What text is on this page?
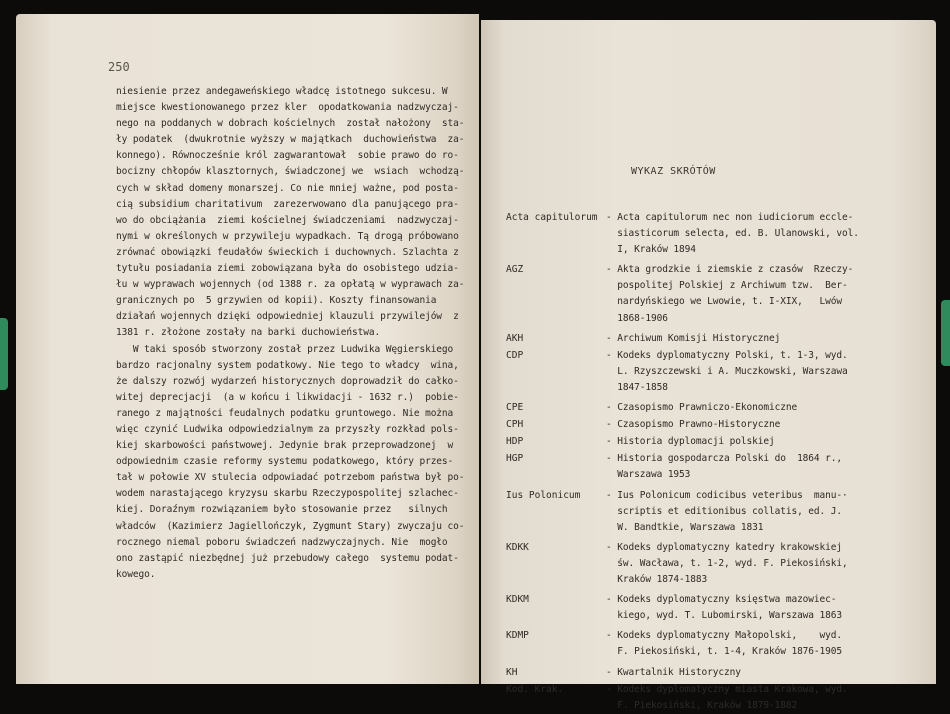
250
niesienie przez andegaweńskiego władcę istotnego sukcesu. W
miejsce kwestionowanego przez kler  opodatkowania nadzwyczaj-
nego na poddanych w dobrach kościelnych  został nałożony  sta-
ły podatek  (dwukrotnie wyższy w majątkach  duchowieństwa  za-
konnego). Równocześnie król zagwarantował  sobie prawo do ro-
bocizny chłopów klasztornych, świadczonej we  wsiach  wchodzą-
cych w skład domeny monarszej. Co nie mniej ważne, pod posta-
cią subsidium charitativum  zarezerwowano dla panującego pra-
wo do obciążania  ziemi kościelnej świadczeniami  nadzwyczaj-
nymi w określonych w przywileju wypadkach. Tą drogą próbowano
zrównać obowiązki feudałów świeckich i duchownych. Szlachta z
tytułu posiadania ziemi zobowiązana była do osobistego udzia-
łu w wyprawach wojennych (od 1388 r. za opłatą w wyprawach za-
granicznych po  5 grzywien od kopii). Koszty finansowania
działań wojennych dzięki odpowiedniej klauzuli przywilejów  z
1381 r. złożone zostały na barki duchowieństwa.
W taki sposób stworzony został przez Ludwika Węgierskiego
bardzo racjonalny system podatkowy. Nie tego to władcy  wina,
że dalszy rozwój wydarzeń historycznych doprowadził do całko-
witej deprecjacji  (a w końcu i likwidacji - 1632 r.)  pobie-
ranego z majątności feudalnych podatku gruntowego. Nie można
więc czynić Ludwika odpowiedzialnym za przyszły rozkład pols-
kiej skarbowości państwowej. Jedynie brak przeprowadzonej  w
odpowiednim czasie reformy systemu podatkowego, który przes-
tał w połowie XV stulecia odpowiadać potrzebom państwa był po-
wodem narastającego kryzysu skarbu Rzeczypospolitej szlachec-
kiej. Doraźnym rozwiązaniem było stosowanie przez   silnych
władców  (Kazimierz Jagiellończyk, Zygmunt Stary) zwyczaju co-
rocznego niemal poboru świadczeń nadzwyczajnych. Nie  mogło
ono zastąpić niezbędnej już przebudowy całego  systemu podat-
kowego.
WYKAZ SKRÓTÓW
Acta capitulorum - Acta capitulorum nec non iudiciorum eccle-
siasticorum selecta, ed. B. Ulanowski, vol.
I, Kraków 1894
AGZ	- Akta grodzkie i ziemskie z czasów  Rzeczy-
pospolitej Polskiej z Archiwum tzw.  Ber-
nardyńskiego we Lwowie, t. I-XIX,   Lwów
1868-1906
AKH	- Archiwum Komisji Historycznej
CDP	- Kodeks dyplomatyczny Polski, t. 1-3, wyd.
L. Rzyszczewski i A. Muczkowski, Warszawa
1847-1858
CPE	- Czasopismo Prawniczo-Ekonomiczne
CPH	- Czasopismo Prawno-Historyczne
HDP	- Historia dyplomacji polskiej
HGP	- Historia gospodarcza Polski do  1864 r.,
Warszawa 1953
Ius Polonicum	- Ius Polonicum codicibus veteribus  manu-·
scriptis et editionibus collatis, ed. J.
W. Bandtkie, Warszawa 1831
KDKK	- Kodeks dyplomatyczny katedry krakowskiej
św. Wacława, t. 1-2, wyd. F. Piekosiński,
Kraków 1874-1883
KDKM	- Kodeks dyplomatyczny księstwa mazowiec-
kiego, wyd. T. Lubomirski, Warszawa 1863
KDMP	- Kodeks dyplomatyczny Małopolski,    wyd.
F. Piekosiński, t. 1-4, Kraków 1876-1905
KH	- Kwartalnik Historyczny
Kod. Krak.	- Kodeks dyplomatyczny miasta Krakowa, wyd.
F. Piekosiński, Kraków 1879-1882
